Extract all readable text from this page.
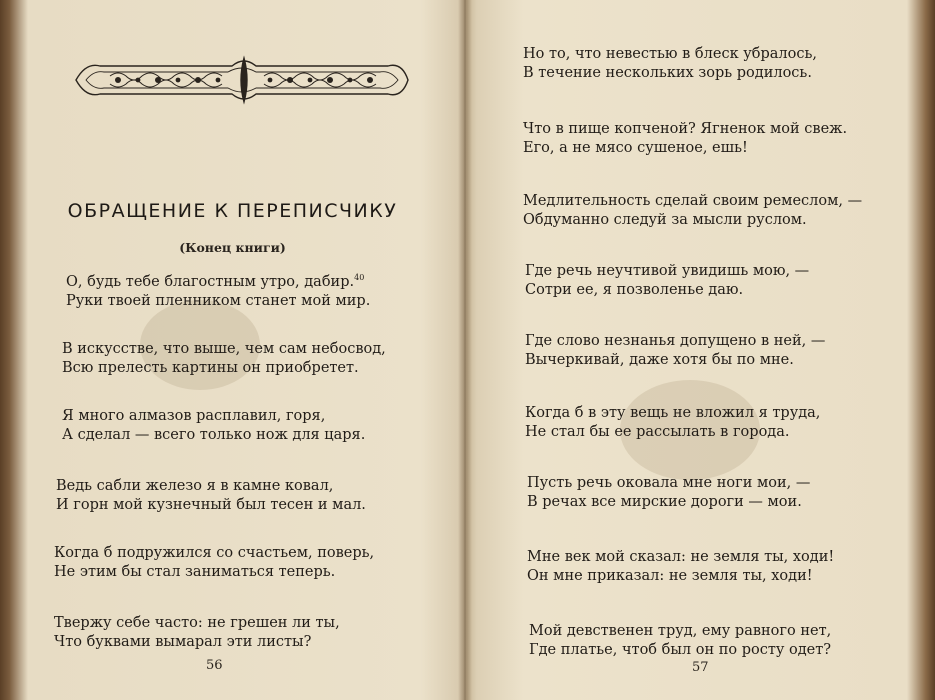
ОБРАЩЕНИЕ К ПЕРЕПИСЧИКУ
(Конец книги)
О, будь тебе благостным утро, дабир.$^{40}$
Руки твоей пленником станет мой мир.
В искусстве, что выше, чем сам небосвод,
Всю прелесть картины он приобретет.
Я много алмазов расплавил, горя,
А сделал — всего только нож для царя.
Ведь сабли железо я в камне ковал,
И горн мой кузнечный был тесен и мал.
Когда б подружился со счастьем, поверь,
Не этим бы стал заниматься теперь.
Твержу себе часто: не грешен ли ты,
Что буквами вымарал эти листы?
56
Но то, что невестью в блеск убралось,
В течение нескольких зорь родилось.
Что в пище копченой? Ягненок мой свеж.
Его, а не мясо сушеное, ешь!
Медлительность сделай своим ремеслом, —
Обдуманно следуй за мысли руслом.
Где речь неучтивой увидишь мою, —
Сотри ее, я позволенье даю.
Где слово незнанья допущено в ней, —
Вычеркивай, даже хотя бы по мне.
Когда б в эту вещь не вложил я труда,
Не стал бы ее рассылать в города.
Пусть речь оковала мне ноги мои, —
В речах все мирские дороги — мои.
Мне век мой сказал: не земля ты, ходи!
Он мне приказал: не земля ты, ходи!
Мой девственен труд, ему равного нет,
Где платье, чтоб был он по росту одет?
57
